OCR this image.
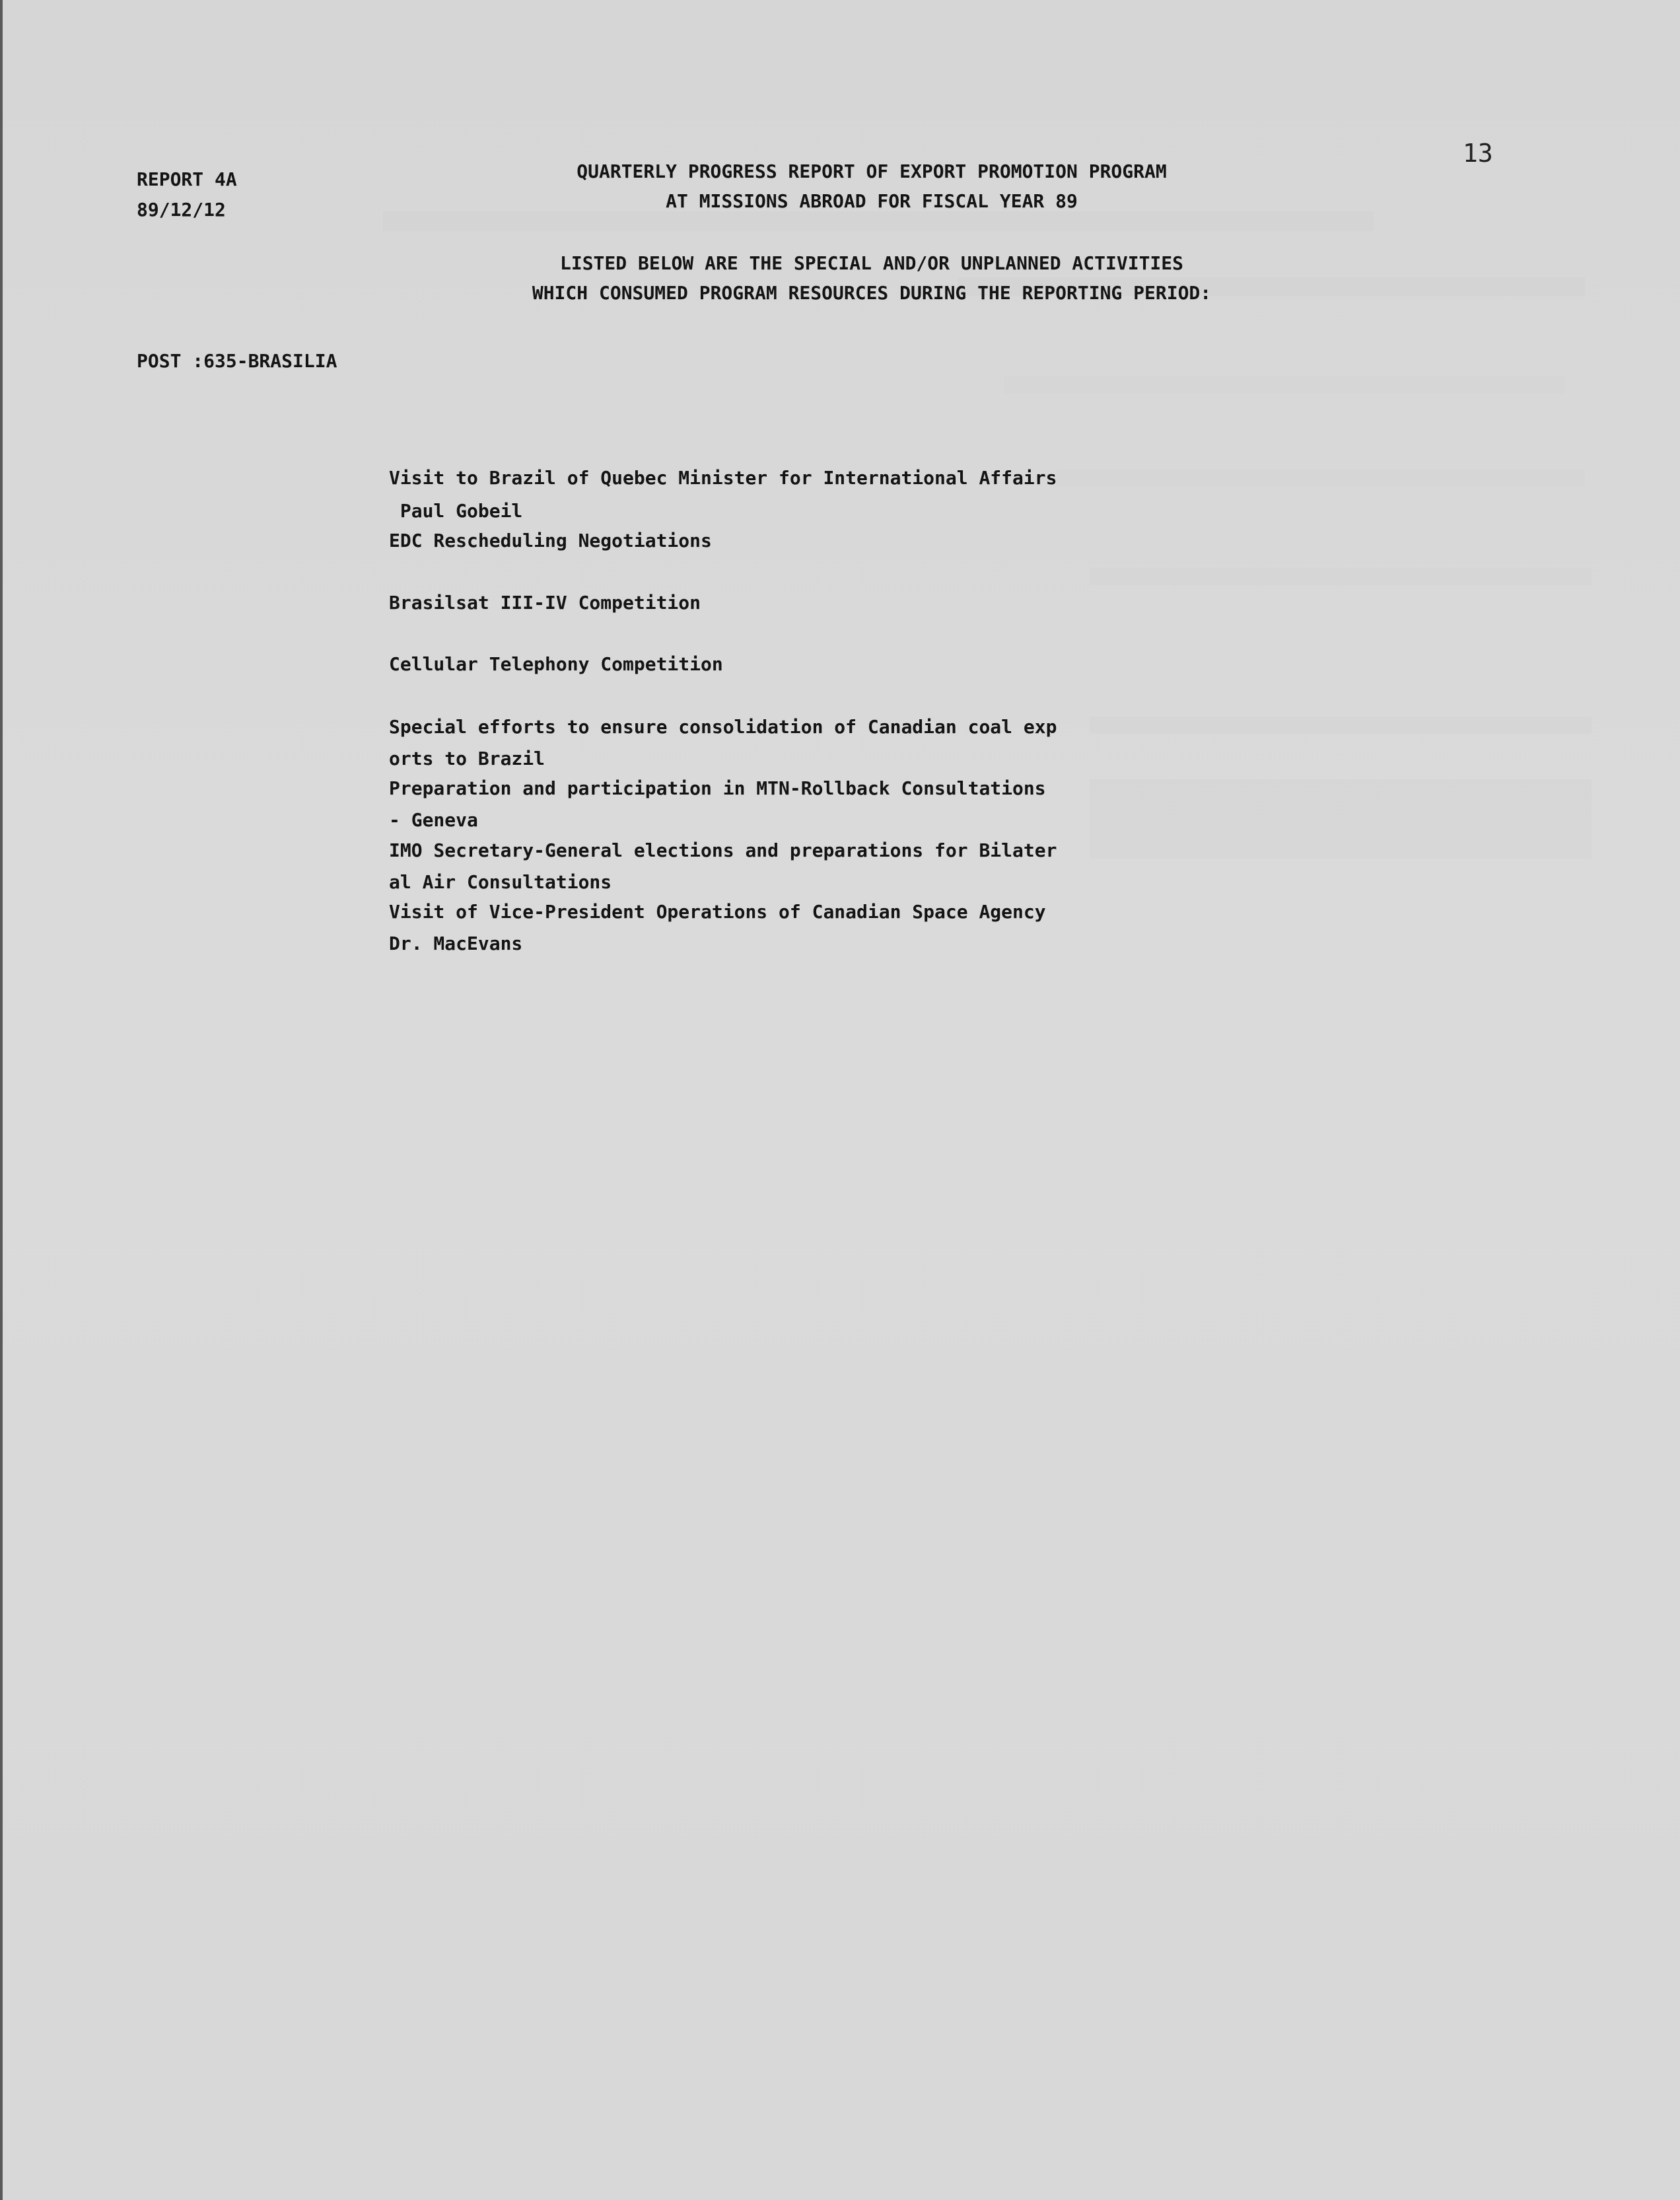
REPORT 4A
89/12/12
QUARTERLY PROGRESS REPORT OF EXPORT PROMOTION PROGRAM
AT MISSIONS ABROAD FOR FISCAL YEAR 89
LISTED BELOW ARE THE SPECIAL AND/OR UNPLANNED ACTIVITIES
WHICH CONSUMED PROGRAM RESOURCES DURING THE REPORTING PERIOD:
13
POST :635-BRASILIA
Visit to Brazil of Quebec Minister for International Affairs
Paul Gobeil
EDC Rescheduling Negotiations
Brasilsat III-IV Competition
Cellular Telephony Competition
Special efforts to ensure consolidation of Canadian coal exp
orts to Brazil
Preparation and participation in MTN-Rollback Consultations
- Geneva
IMO Secretary-General elections and preparations for Bilater
al Air Consultations
Visit of Vice-President Operations of Canadian Space Agency
Dr. MacEvans
